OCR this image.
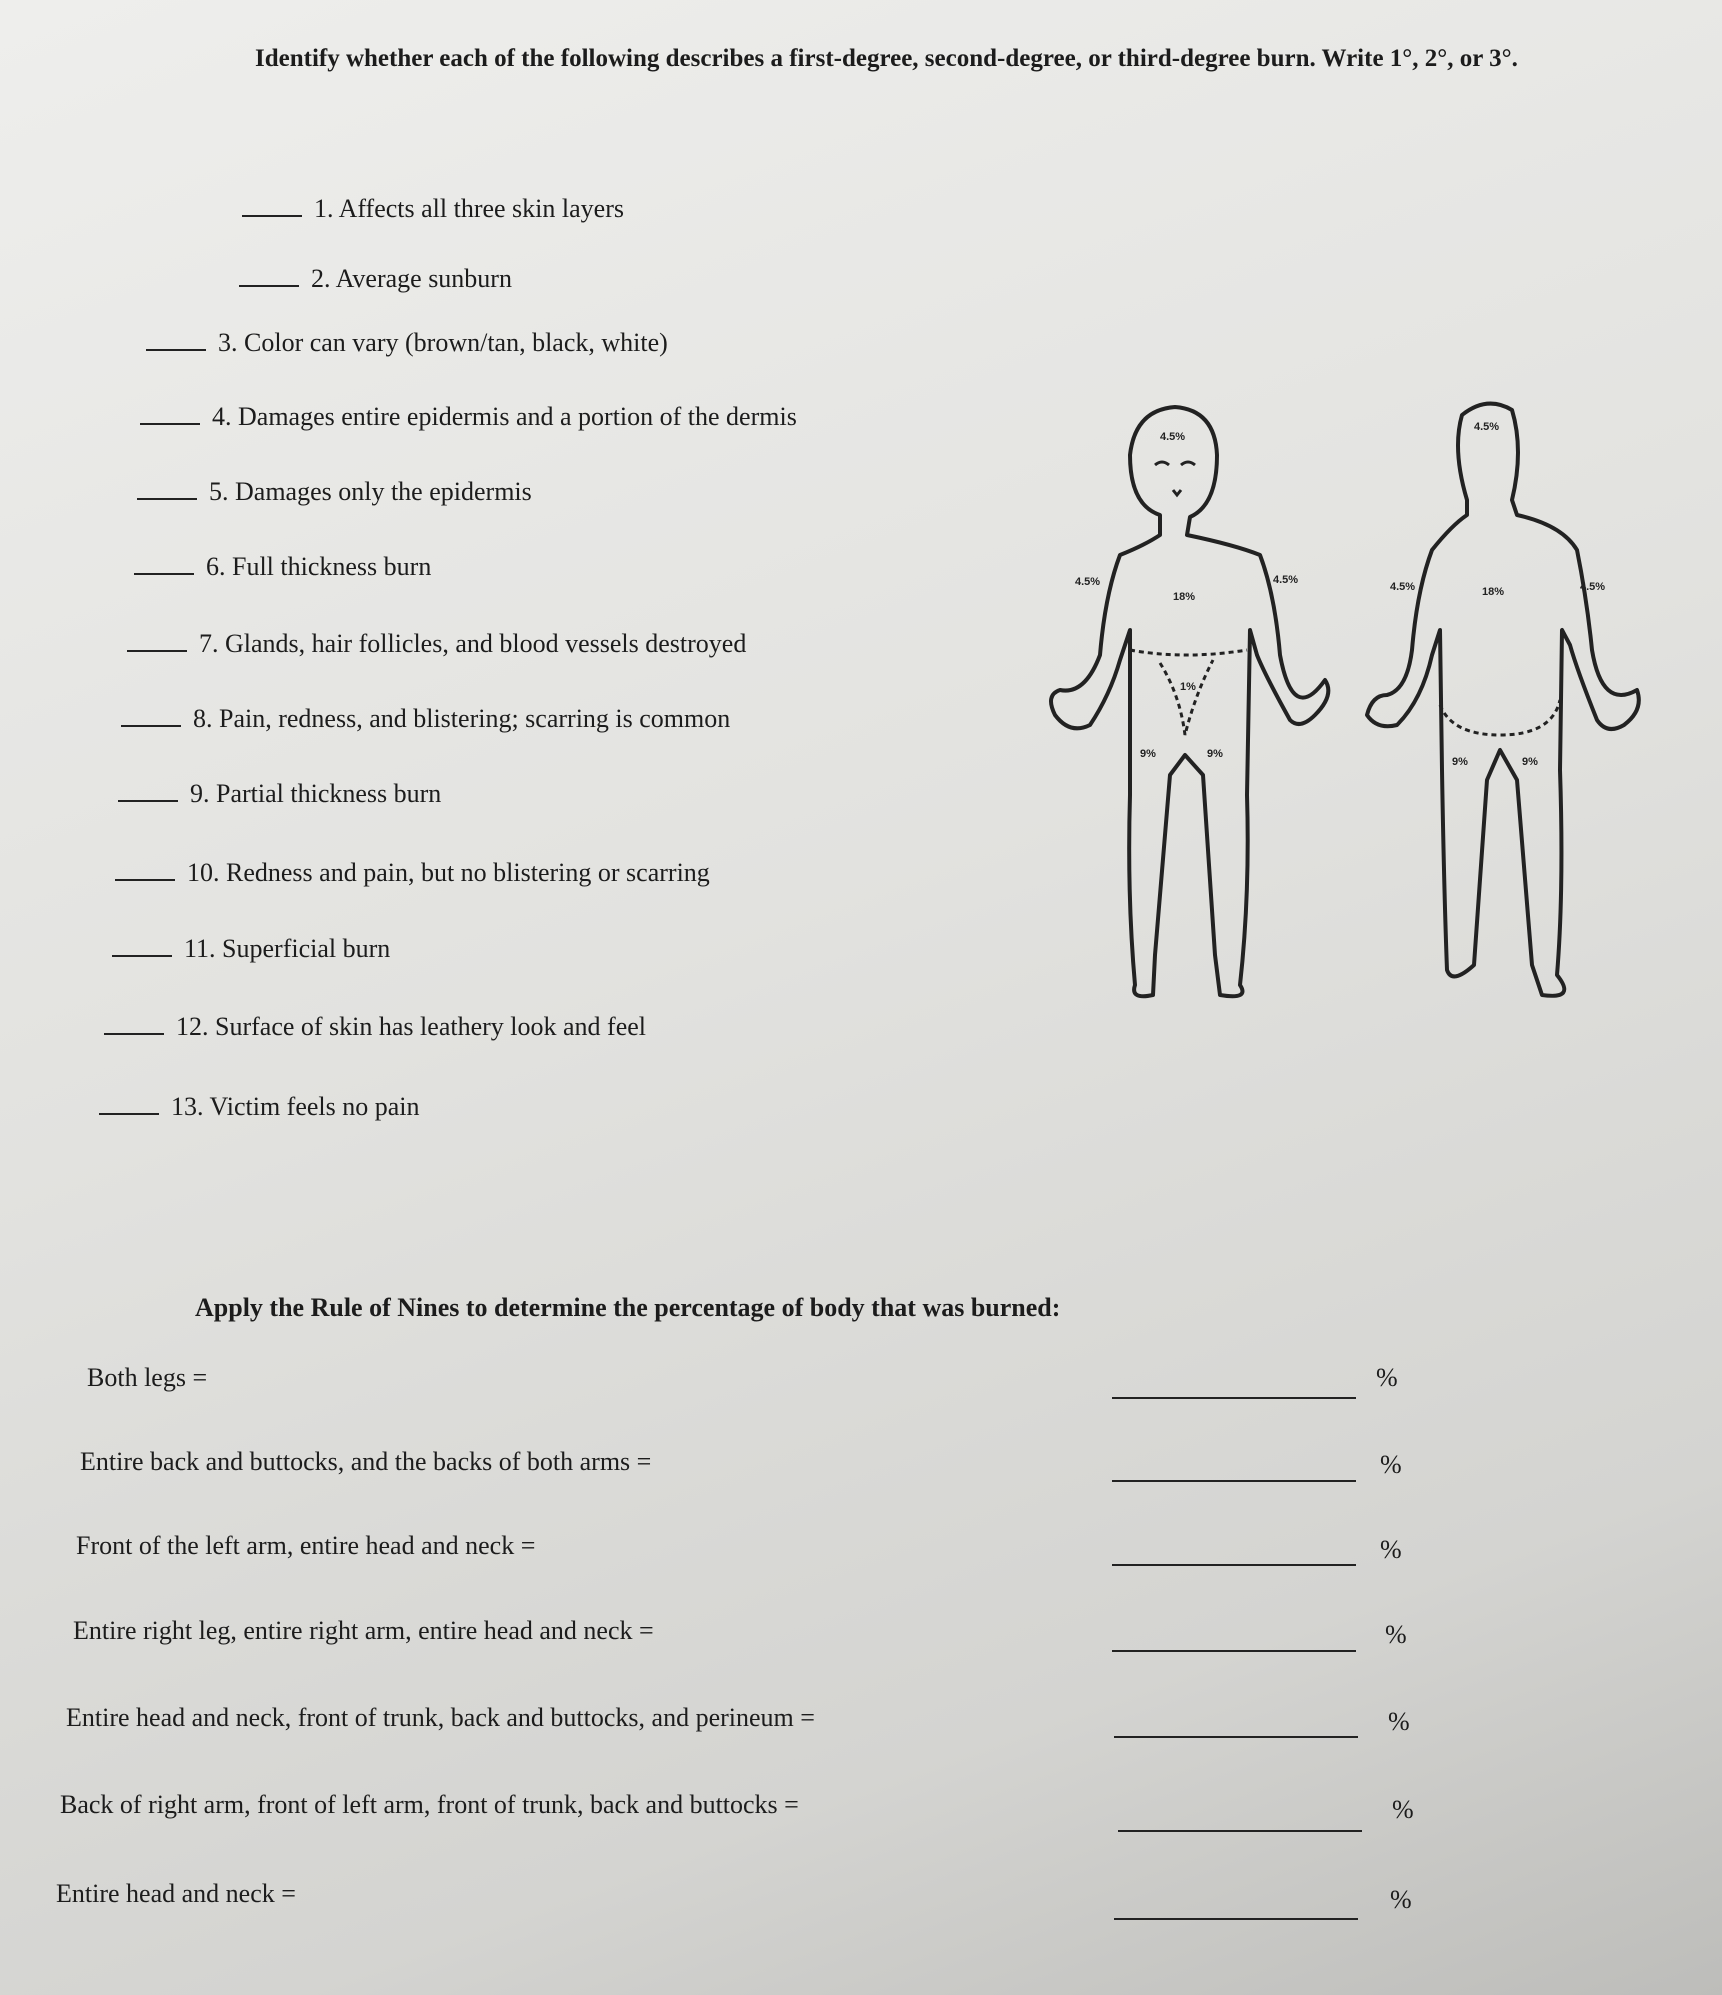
Identify whether each of the following describes a first-degree, second-degree, or third-degree burn. Write 1°, 2°, or 3°.
1. Affects all three skin layers
2. Average sunburn
3. Color can vary (brown/tan, black, white)
4. Damages entire epidermis and a portion of the dermis
5. Damages only the epidermis
6. Full thickness burn
7. Glands, hair follicles, and blood vessels destroyed
8. Pain, redness, and blistering; scarring is common
9. Partial thickness burn
10. Redness and pain, but no blistering or scarring
11. Superficial burn
12. Surface of skin has leathery look and feel
13. Victim feels no pain
4.5%
4.5%	4.5%
18%
1%
9%	9%
4.5%
4.5%	4.5%
18%
9%	9%
Apply the Rule of Nines to determine the percentage of body that was burned:
Both legs =	%
Entire back and buttocks, and the backs of both arms =	%
Front of the left arm, entire head and neck =	%
Entire right leg, entire right arm, entire head and neck =	%
Entire head and neck, front of trunk, back and buttocks, and perineum =	%
Back of right arm, front of left arm, front of trunk, back and buttocks =	%
Entire head and neck =	%
